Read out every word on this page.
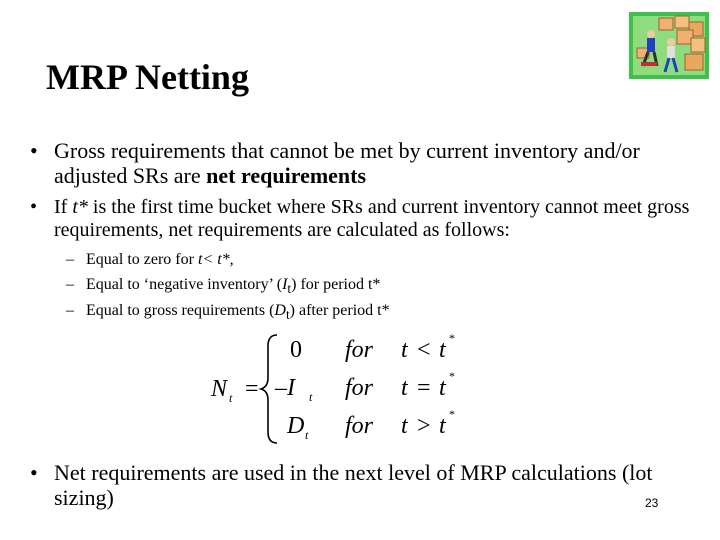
MRP Netting
• Gross requirements that cannot be met by current inventory and/or adjusted SRs are net requirements
• If t* is the first time bucket where SRs and current inventory cannot meet gross requirements, net requirements are calculated as follows:
– Equal to zero for t< t*,
– Equal to ‘negative inventory’ $(I_t)$ for period t*
– Equal to gross requirements $(D_t)$ after period t*
N t =
0 for t < t *
–I t for t = t *
D t for t > t *
• Net requirements are used in the next level of MRP calculations (lot sizing)	23
